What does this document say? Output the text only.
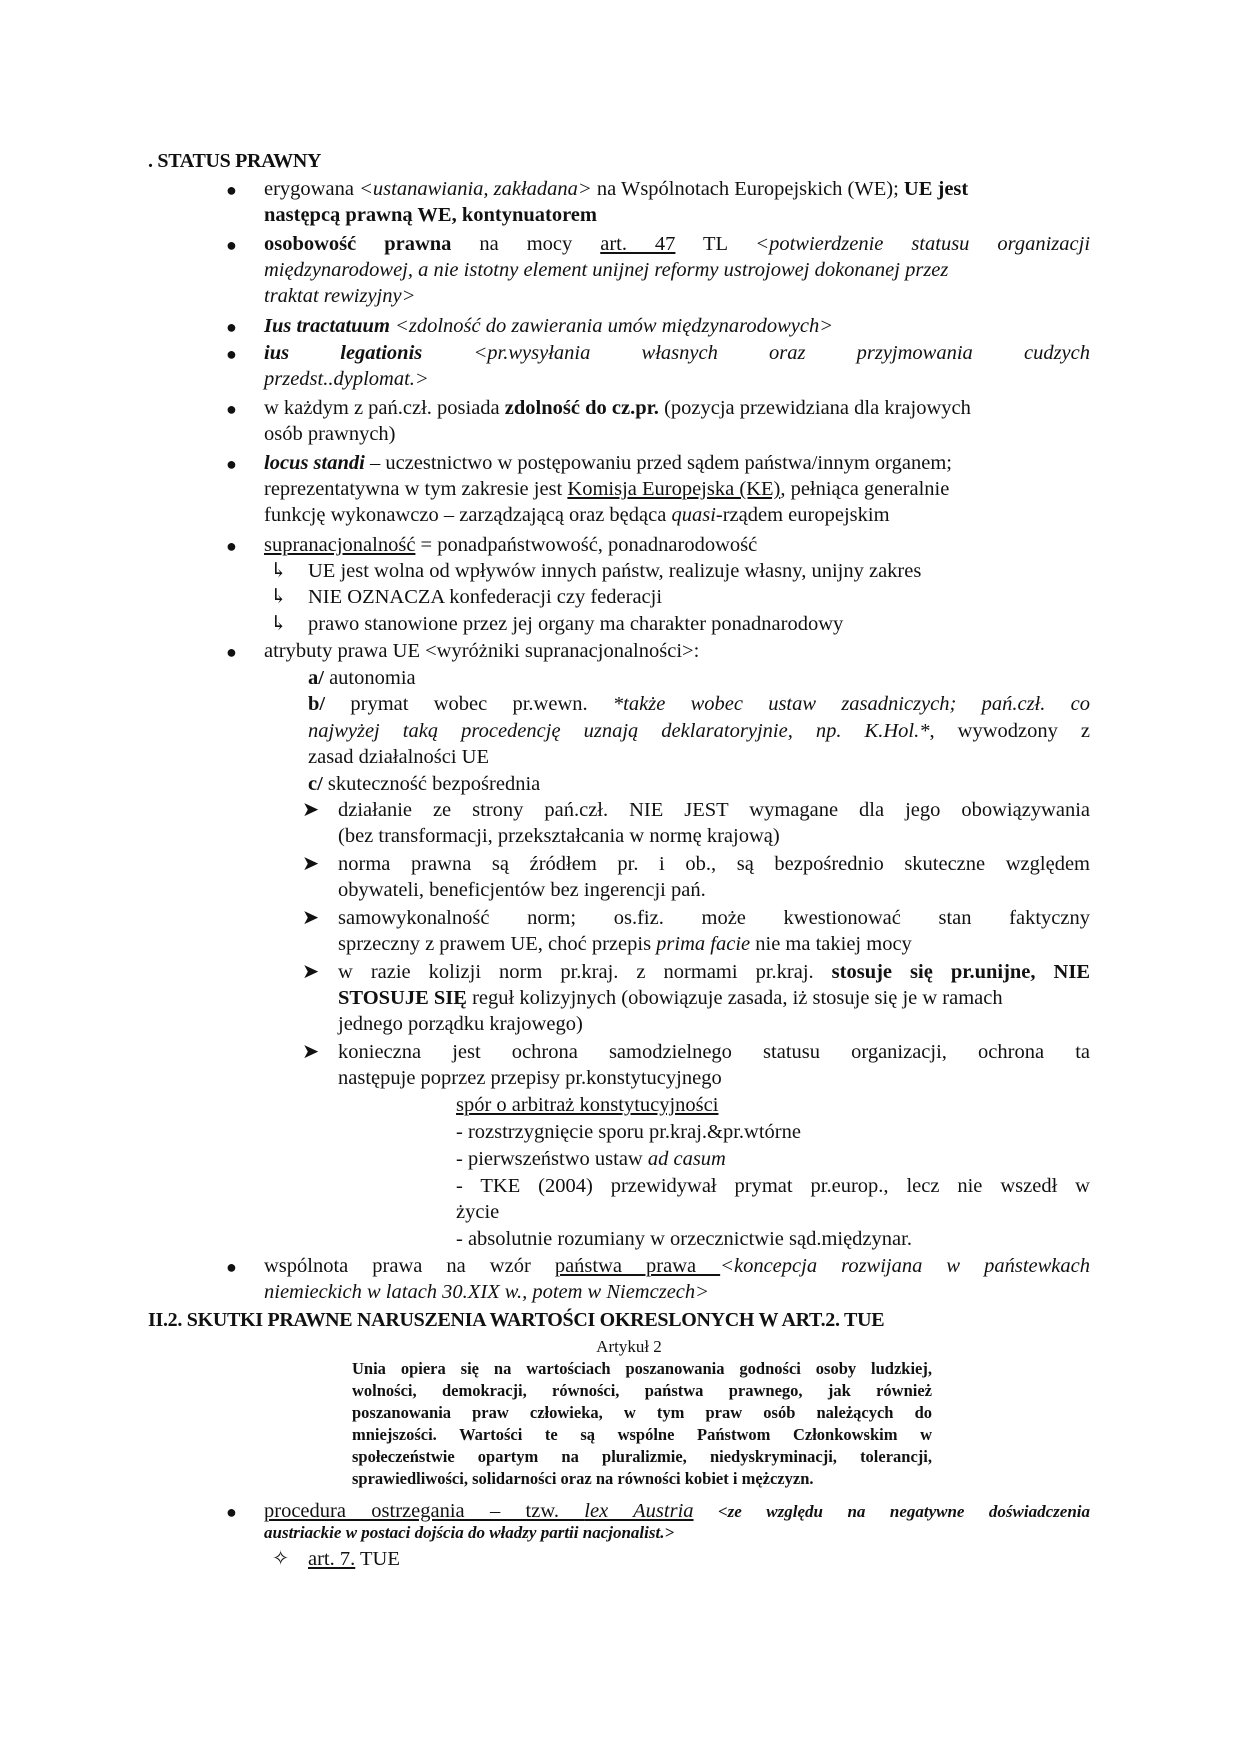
. STATUS PRAWNY
● erygowana <ustanawiania, zakładana> na Wspólnotach Europejskich (WE); UE jest
następcą prawną WE, kontynuatorem
● osobowość prawna na mocy art. 47 TL <potwierdzenie statusu organizacji
międzynarodowej, a nie istotny element unijnej reformy ustrojowej dokonanej przez
traktat rewizyjny>
● Ius tractatuum <zdolność do zawierania umów międzynarodowych>
● ius legationis <pr.wysyłania własnych oraz przyjmowania cudzych
przedst..dyplomat.>
● w każdym z pań.czł. posiada zdolność do cz.pr. (pozycja przewidziana dla krajowych
osób prawnych)
● locus standi – uczestnictwo w postępowaniu przed sądem państwa/innym organem;
reprezentatywna w tym zakresie jest Komisja Europejska (KE), pełniąca generalnie
funkcję wykonawczo – zarządzającą oraz będąca quasi-rządem europejskim
● supranacjonalność = ponadpaństwowość, ponadnarodowość
↳ UE jest wolna od wpływów innych państw, realizuje własny, unijny zakres
↳ NIE OZNACZA konfederacji czy federacji
↳ prawo stanowione przez jej organy ma charakter ponadnarodowy
● atrybuty prawa UE <wyróżniki supranacjonalności>:
a/ autonomia
b/ prymat wobec pr.wewn. *także wobec ustaw zasadniczych; pań.czł. co
najwyżej taką procedencję uznają deklaratoryjnie, np. K.Hol.*, wywodzony z
zasad działalności UE
c/ skuteczność bezpośrednia
➤ działanie ze strony pań.czł. NIE JEST wymagane dla jego obowiązywania
(bez transformacji, przekształcania w normę krajową)
➤ norma prawna są źródłem pr. i ob., są bezpośrednio skuteczne względem
obywateli, beneficjentów bez ingerencji pań.
➤ samowykonalność norm; os.fiz. może kwestionować stan faktyczny
sprzeczny z prawem UE, choć przepis prima facie nie ma takiej mocy
➤ w razie kolizji norm pr.kraj. z normami pr.kraj. stosuje się pr.unijne, NIE
STOSUJE SIĘ reguł kolizyjnych (obowiązuje zasada, iż stosuje się je w ramach
jednego porządku krajowego)
➤ konieczna jest ochrona samodzielnego statusu organizacji, ochrona ta
następuje poprzez przepisy pr.konstytucyjnego
spór o arbitraż konstytucyjności
- rozstrzygnięcie sporu pr.kraj.&pr.wtórne
- pierwszeństwo ustaw ad casum
- TKE (2004) przewidywał prymat pr.europ., lecz nie wszedł w
życie
- absolutnie rozumiany w orzecznictwie sąd.międzynar.
● wspólnota prawa na wzór państwa prawa <koncepcja rozwijana w państewkach
niemieckich w latach 30.XIX w., potem w Niemczech>
II.2. SKUTKI PRAWNE NARUSZENIA WARTOŚCI OKRESLONYCH W ART.2. TUE
Artykuł 2
Unia opiera się na wartościach poszanowania godności osoby ludzkiej,
wolności, demokracji, równości, państwa prawnego, jak również
poszanowania praw człowieka, w tym praw osób należących do
mniejszości. Wartości te są wspólne Państwom Członkowskim w
społeczeństwie opartym na pluralizmie, niedyskryminacji, tolerancji,
sprawiedliwości, solidarności oraz na równości kobiet i mężczyzn.
● procedura ostrzegania – tzw. lex Austria <ze względu na negatywne doświadczenia
austriackie w postaci dojścia do władzy partii nacjonalist.>
✧ art. 7. TUE
